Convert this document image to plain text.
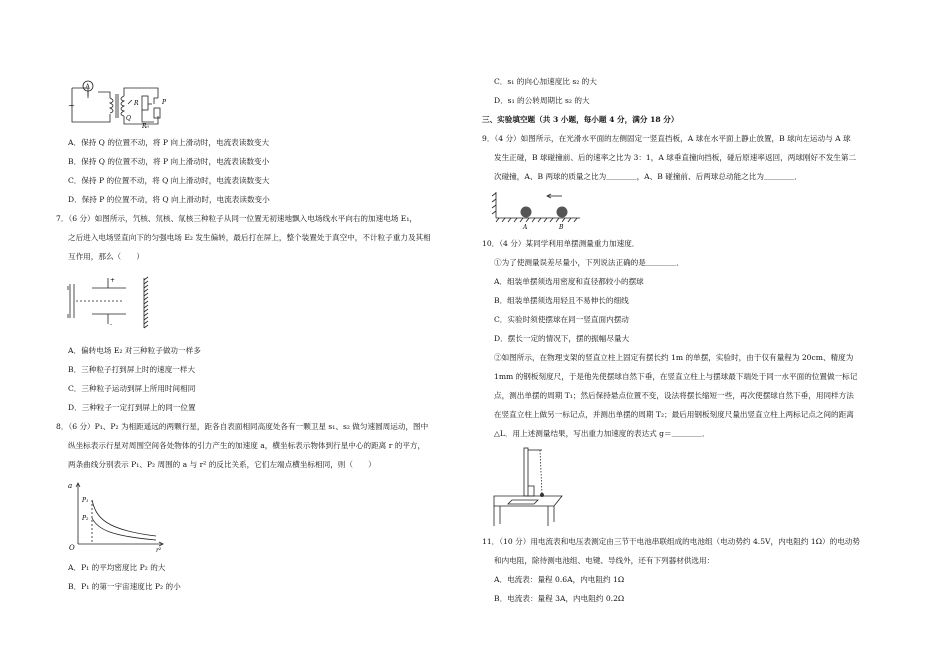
A
~	R	P
Q
R₀
A．保持 Q 的位置不动，将 P 向上滑动时，电流表读数变大
B．保持 Q 的位置不动，将 P 向上滑动时，电流表读数变小
C．保持 P 的位置不动，将 Q 向上滑动时，电流表读数变大
D．保持 P 的位置不动，将 Q 向上滑动时，电流表读数变小
7．（6 分）如图所示，氕核、氘核、氚核三种粒子从同一位置无初速地飘入电场线水平向右的加速电场 E₁，
之后进入电场竖直向下的匀强电场 E₂ 发生偏转，最后打在屏上，整个装置处于真空中，不计粒子重力及其相
互作用，那么（　　）
+
-
A．偏转电场 E₂ 对三种粒子做功一样多
B．三种粒子打到屏上时的速度一样大
C．三种粒子运动到屏上所用时间相同
D．三种粒子一定打到屏上的同一位置
8．（6 分）P₁、P₂ 为相距遥远的两颗行星，距各自表面相同高度处各有一颗卫星 s₁、s₂ 做匀速圆周运动，图中
纵坐标表示行星对周围空间各处物体的引力产生的加速度 a，横坐标表示物体到行星中心的距离 r 的平方，
两条曲线分别表示 P₁、P₂ 周围的 a 与 r² 的反比关系，它们左端点横坐标相同，则（　　）
a
r²
O
P₁
P₂
A．P₁ 的平均密度比 P₂ 的大
B．P₁ 的第一宇宙速度比 P₂ 的小
C．s₁ 的向心加速度比 s₂ 的大
D．s₁ 的公转周期比 s₂ 的大
三、实验填空题（共 3 小题，每小题 4 分，满分 18 分）
9．（4 分）如图所示，在光滑水平面的左侧固定一竖直挡板，A 球在水平面上静止放置，B 球向左运动与 A 球
发生正碰，B 球碰撞前、后的速率之比为 3：1，A 球垂直撞向挡板，碰后原速率返回，两球刚好不发生第二
次碰撞，A、B 两球的质量之比为＿＿＿＿，A、B 碰撞前、后两球总动能之比为＿＿＿＿．
A	B
10．（4 分）某同学利用单摆测量重力加速度．
①为了使测量误差尽量小，下列说法正确的是＿＿＿＿．
A．组装单摆须选用密度和直径都较小的摆球
B．组装单摆须选用轻且不易伸长的细线
C．实验时须使摆球在同一竖直面内摆动
D．摆长一定的情况下，摆的振幅尽量大
②如图所示，在物理支架的竖直立柱上固定有摆长约 1m 的单摆，实验时，由于仅有量程为 20cm、精度为
1mm 的钢板刻度尺，于是他先使摆球自然下垂，在竖直立柱上与摆球最下端处于同一水平面的位置做一标记
点，测出单摆的周期 T₁；然后保持悬点位置不变，设法将摆长缩短一些，再次使摆球自然下垂，用同样方法
在竖直立柱上做另一标记点，并测出单摆的周期 T₂；最后用钢板刻度尺量出竖直立柱上两标记点之间的距离
△L．用上述测量结果，写出重力加速度的表达式 g＝＿＿＿＿．
11．（10 分）用电流表和电压表测定由三节干电池串联组成的电池组（电动势约 4.5V，内电阻约 1Ω）的电动势
和内电阻，除待测电池组、电键、导线外，还有下列器材供选用：
A．电流表：量程 0.6A，内电阻约 1Ω
B．电流表：量程 3A，内电阻约 0.2Ω
